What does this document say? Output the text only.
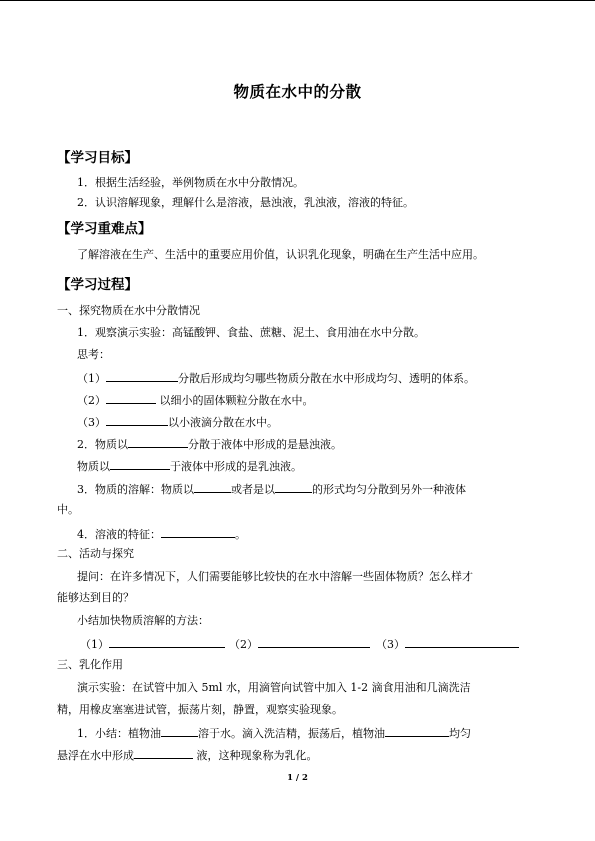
物质在水中的分散
【学习目标】
1．根据生活经验，举例物质在水中分散情况。
2．认识溶解现象，理解什么是溶液，悬浊液，乳浊液，溶液的特征。
【学习重难点】
了解溶液在生产、生活中的重要应用价值，认识乳化现象，明确在生产生活中应用。
【学习过程】
一、探究物质在水中分散情况
1．观察演示实验：高锰酸钾、食盐、蔗糖、泥土、食用油在水中分散。
思考：
（1）	分散后形成均匀哪些物质分散在水中形成均匀、透明的体系。
（2）	以细小的固体颗粒分散在水中。
（3）	以小液滴分散在水中。
2．物质以	分散于液体中形成的是悬浊液。
物质以	于液体中形成的是乳浊液。
3．物质的溶解：物质以	或者是以	的形式均匀分散到另外一种液体
中。
4．溶液的特征：	。
二、活动与探究
提问：在许多情况下，人们需要能够比较快的在水中溶解一些固体物质？怎么样才
能够达到目的？
小结加快物质溶解的方法：
（1）	（2）	（3）
三、乳化作用
演示实验：在试管中加入 5ml 水，用滴管向试管中加入 1-2 滴食用油和几滴洗洁
精，用橡皮塞塞进试管，振荡片刻，静置，观察实验现象。
1．小结：植物油	溶于水。滴入洗洁精，振荡后，植物油	均匀
悬浮在水中形成	液，这种现象称为乳化。
1 / 2
